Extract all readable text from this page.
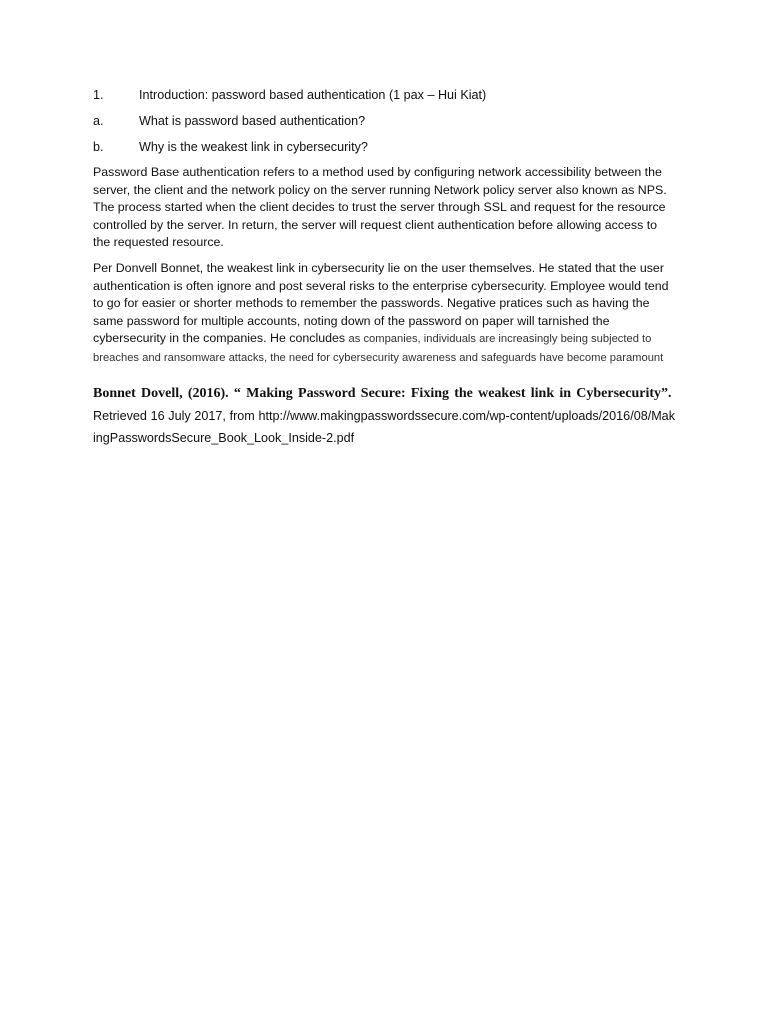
1.	Introduction: password based authentication (1 pax – Hui Kiat)
a.	What is password based authentication?
b.	Why is the weakest link in cybersecurity?

Password Base authentication refers to a method used by configuring network accessibility between the server, the client and the network policy on the server running Network policy server also known as NPS. The process started when the client decides to trust the server through SSL and request for the resource controlled by the server. In return, the server will request client authentication before allowing access to the requested resource.

Per Donvell Bonnet, the weakest link in cybersecurity lie on the user themselves. He stated that the user authentication is often ignore and post several risks to the enterprise cybersecurity. Employee would tend to go for easier or shorter methods to remember the passwords. Negative pratices such as having the same password for multiple accounts, noting down of the password on paper will tarnished the cybersecurity in the companies. He concludes as companies, individuals are increasingly being subjected to breaches and ransomware attacks, the need for cybersecurity awareness and safeguards have become paramount

Bonnet Dovell, (2016). “ Making Password Secure: Fixing the weakest link in Cybersecurity”.  Retrieved 16 July 2017, from http://www.makingpasswordssecure.com/wp-content/uploads/2016/08/MakingPasswordsSecure_Book_Look_Inside-2.pdf
